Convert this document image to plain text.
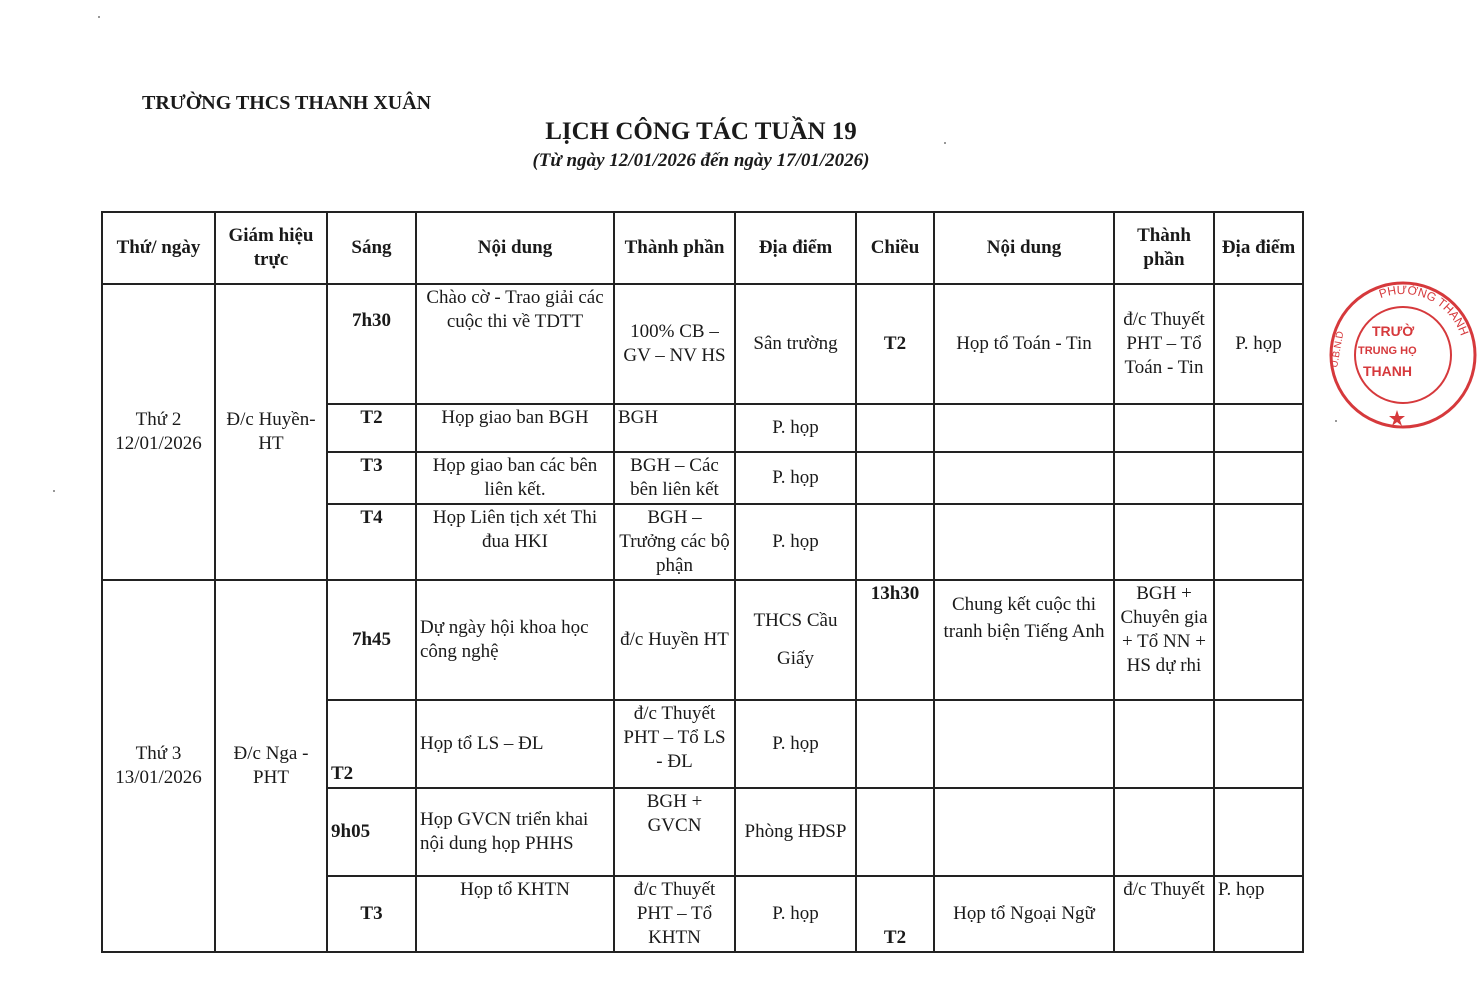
TRƯỜNG THCS THANH XUÂN
LỊCH CÔNG TÁC TUẦN 19
(Từ ngày 12/01/2026 đến ngày 17/01/2026)
Thứ/ ngày	Giám hiệu trực	Sáng	Nội dung	Thành phần	Địa điểm	Chiều	Nội dung	Thành phần	Địa điểm

Thứ 2
12/01/2026	Đ/c Huyền-HT	7h30	Chào cờ - Trao giải các cuộc thi về TDTT	100% CB – GV – NV HS	Sân trường	T2	Họp tổ Toán - Tin	đ/c Thuyết PHT – Tổ Toán - Tin	P. họp
		T2	Họp giao ban BGH	BGH	P. họp				
		T3	Họp giao ban các bên liên kết.	BGH – Các bên liên kết	P. họp				
		T4	Họp Liên tịch xét Thi đua HKI	BGH – Trưởng các bộ phận	P. họp				

Thứ 3
13/01/2026	Đ/c Nga - PHT	7h45	Dự ngày hội khoa học công nghệ	đ/c Huyền HT	THCS Cầu Giấy	13h30	Chung kết cuộc thi tranh biện Tiếng Anh	BGH + Chuyên gia + Tổ NN + HS dự rhi	
		T2	Họp tổ LS – ĐL	đ/c Thuyết PHT – Tổ LS - ĐL	P. họp				
		9h05	Họp GVCN triển khai nội dung họp PHHS	BGH + GVCN	Phòng HĐSP				
		T3	Họp tổ KHTN	đ/c Thuyết PHT – Tổ KHTN	P. họp	T2	Họp tổ Ngoại Ngữ	đ/c Thuyết	P. họp
PHƯỜNG THANH
U.B.N.D TRƯỜ
TRUNG HỌ
THANH
